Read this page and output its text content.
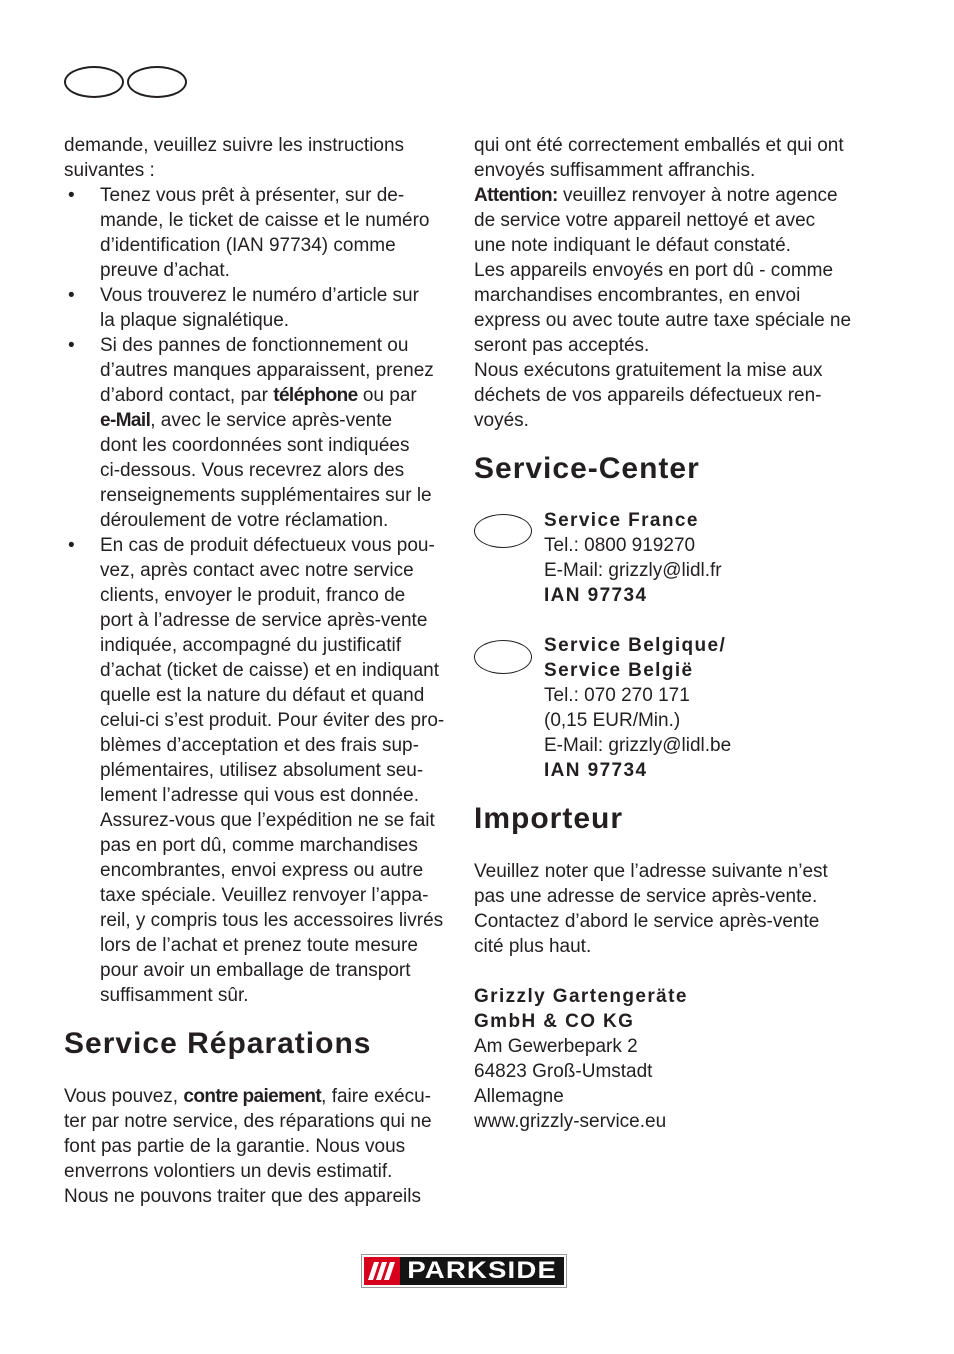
demande, veuillez suivre les instructions
suivantes :
• Tenez vous prêt à présenter, sur de-
mande, le ticket de caisse et le numéro
d’identification (IAN 97734) comme
preuve d’achat.
• Vous trouverez le numéro d’article sur
la plaque signalétique.
• Si des pannes de fonctionnement ou
d’autres manques apparaissent, prenez
d’abord contact, par téléphone ou par
e-Mail, avec le service après-vente
dont les coordonnées sont indiquées
ci-dessous. Vous recevrez alors des
renseignements supplémentaires sur le
déroulement de votre réclamation.
• En cas de produit défectueux vous pou-
vez, après contact avec notre service
clients, envoyer le produit, franco de
port à l’adresse de service après-vente
indiquée, accompagné du justificatif
d’achat (ticket de caisse) et en indiquant
quelle est la nature du défaut et quand
celui-ci s’est produit. Pour éviter des pro-
blèmes d’acceptation et des frais sup-
plémentaires, utilisez absolument seu-
lement l’adresse qui vous est donnée.
Assurez-vous que l’expédition ne se fait
pas en port dû, comme marchandises
encombrantes, envoi express ou autre
taxe spéciale. Veuillez renvoyer l’appa-
reil, y compris tous les accessoires livrés
lors de l’achat et prenez toute mesure
pour avoir un emballage de transport
suffisamment sûr.
Service Réparations
Vous pouvez, contre paiement, faire exécu-
ter par notre service, des réparations qui ne
font pas partie de la garantie. Nous vous
enverrons volontiers un devis estimatif.
Nous ne pouvons traiter que des appareils
qui ont été correctement emballés et qui ont
envoyés suffisamment affranchis.
Attention: veuillez renvoyer à notre agence
de service votre appareil nettoyé et avec
une note indiquant le défaut constaté.
Les appareils envoyés en port dû - comme
marchandises encombrantes, en envoi
express ou avec toute autre taxe spéciale ne
seront pas acceptés.
Nous exécutons gratuitement la mise aux
déchets de vos appareils défectueux ren-
voyés.
Service-Center
Service France
Tel.: 0800 919270
E-Mail: grizzly@lidl.fr
IAN 97734
Service Belgique/
Service België
Tel.: 070 270 171
(0,15 EUR/Min.)
E-Mail: grizzly@lidl.be
IAN 97734
Importeur
Veuillez noter que l’adresse suivante n’est
pas une adresse de service après-vente.
Contactez d’abord le service après-vente
cité plus haut.
Grizzly Gartengeräte
GmbH & CO KG
Am Gewerbepark 2
64823 Groß-Umstadt
Allemagne
www.grizzly-service.eu
PARKSIDE
